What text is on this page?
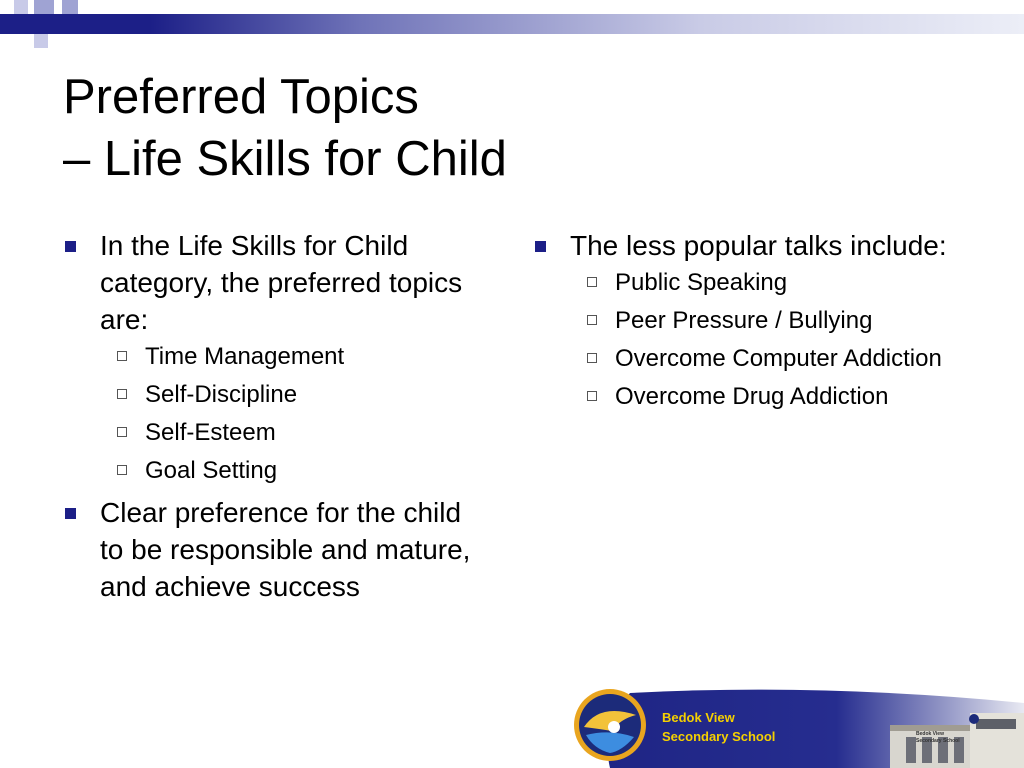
Preferred Topics
– Life Skills for Child
In the Life Skills for Child category, the preferred topics are:
Time Management
Self-Discipline
Self-Esteem
Goal Setting
Clear preference for the child to be responsible and mature, and achieve success
The less popular talks include:
Public Speaking
Peer Pressure / Bullying
Overcome Computer Addiction
Overcome Drug Addiction
Bedok View
Secondary School	Bedok View
Secondary School
